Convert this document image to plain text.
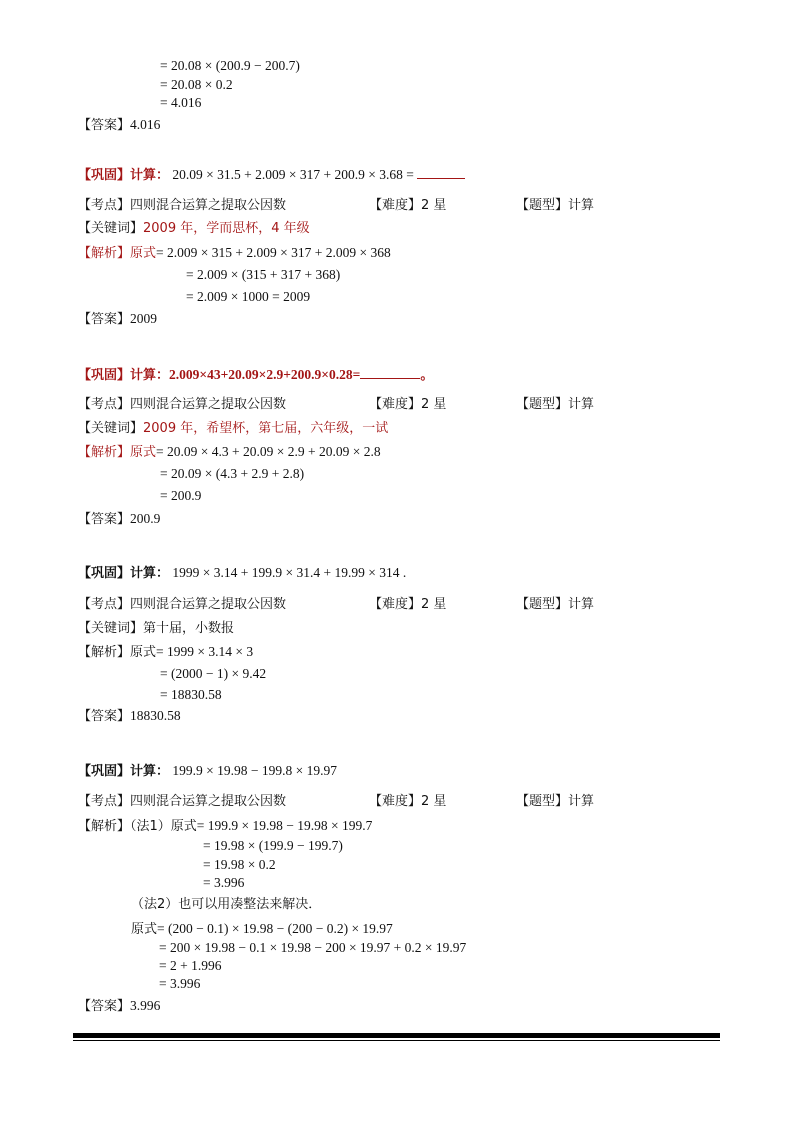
= 20.08 × (200.9 − 200.7)
= 20.08 × 0.2
= 4.016
【答案】4.016
【巩固】计算： 20.09 × 31.5 + 2.009 × 317 + 200.9 × 3.68 =
【考点】四则混合运算之提取公因数	【难度】2 星	【题型】计算
【关键词】2009 年，学而思杯，4 年级
【解析】原式= 2.009 × 315 + 2.009 × 317 + 2.009 × 368
= 2.009 × (315 + 317 + 368)
= 2.009 × 1000 = 2009
【答案】2009
【巩固】计算：2.009×43+20.09×2.9+200.9×0.28=	。
【考点】四则混合运算之提取公因数	【难度】2 星	【题型】计算
【关键词】2009 年，希望杯，第七届，六年级，一试
【解析】原式= 20.09 × 4.3 + 20.09 × 2.9 + 20.09 × 2.8
= 20.09 × (4.3 + 2.9 + 2.8)
= 200.9
【答案】200.9
【巩固】计算： 1999 × 3.14 + 199.9 × 31.4 + 19.99 × 314 .
【考点】四则混合运算之提取公因数	【难度】2 星	【题型】计算
【关键词】第十届，小数报
【解析】原式= 1999 × 3.14 × 3
= (2000 − 1) × 9.42
= 18830.58
【答案】18830.58
【巩固】计算： 199.9 × 19.98 − 199.8 × 19.97
【考点】四则混合运算之提取公因数	【难度】2 星	【题型】计算
【解析】（法1）原式= 199.9 × 19.98 − 19.98 × 199.7
= 19.98 × (199.9 − 199.7)
= 19.98 × 0.2
= 3.996
（法2）也可以用凑整法来解决．
原式= (200 − 0.1) × 19.98 − (200 − 0.2) × 19.97
= 200 × 19.98 − 0.1 × 19.98 − 200 × 19.97 + 0.2 × 19.97
= 2 + 1.996
= 3.996
【答案】3.996
